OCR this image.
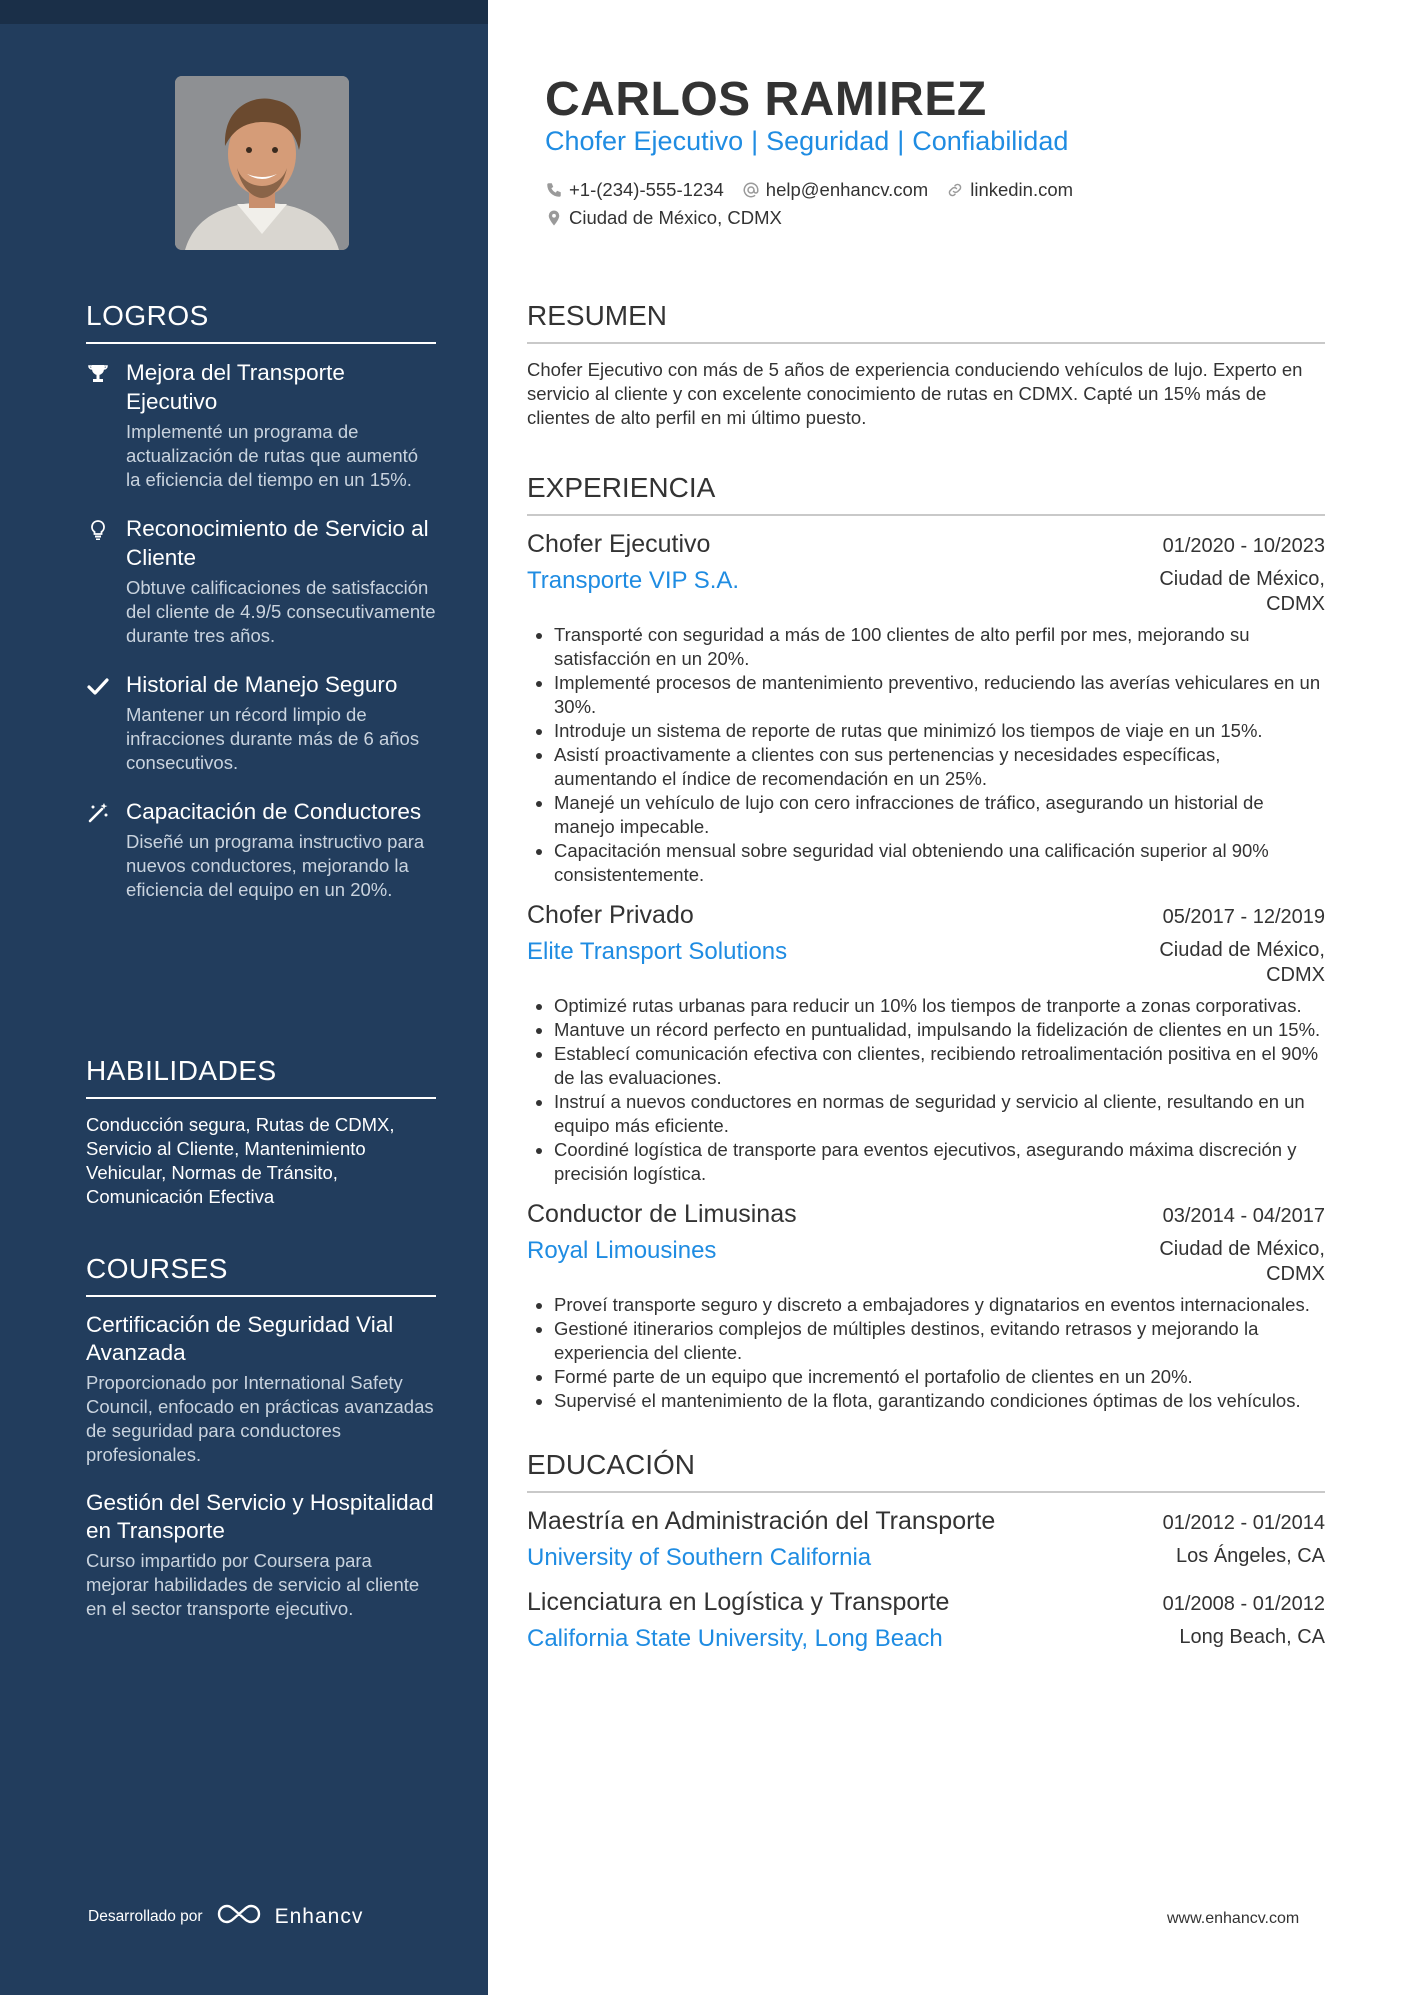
LOGROS
Mejora del Transporte Ejecutivo
Implementé un programa de actualización de rutas que aumentó la eficiencia del tiempo en un 15%.
Reconocimiento de Servicio al Cliente
Obtuve calificaciones de satisfacción del cliente de 4.9/5 consecutivamente durante tres años.
Historial de Manejo Seguro
Mantener un récord limpio de infracciones durante más de 6 años consecutivos.
Capacitación de Conductores
Diseñé un programa instructivo para nuevos conductores, mejorando la eficiencia del equipo en un 20%.
HABILIDADES
Conducción segura, Rutas de CDMX, Servicio al Cliente, Mantenimiento Vehicular, Normas de Tránsito, Comunicación Efectiva
COURSES
Certificación de Seguridad Vial Avanzada
Proporcionado por International Safety Council, enfocado en prácticas avanzadas de seguridad para conductores profesionales.
Gestión del Servicio y Hospitalidad en Transporte
Curso impartido por Coursera para mejorar habilidades de servicio al cliente en el sector transporte ejecutivo.
Desarrollado por	Enhancv
CARLOS RAMIREZ
Chofer Ejecutivo | Seguridad | Confiabilidad
+1-(234)-555-1234 help@enhancv.com linkedin.com
Ciudad de México, CDMX
RESUMEN
Chofer Ejecutivo con más de 5 años de experiencia conduciendo vehículos de lujo. Experto en servicio al cliente y con excelente conocimiento de rutas en CDMX. Capté un 15% más de clientes de alto perfil en mi último puesto.
EXPERIENCIA
Chofer Ejecutivo	01/2020 - 10/2023
Transporte VIP S.A.	Ciudad de México, CDMX
• Transporté con seguridad a más de 100 clientes de alto perfil por mes, mejorando su satisfacción en un 20%.
• Implementé procesos de mantenimiento preventivo, reduciendo las averías vehiculares en un 30%.
• Introduje un sistema de reporte de rutas que minimizó los tiempos de viaje en un 15%.
• Asistí proactivamente a clientes con sus pertenencias y necesidades específicas, aumentando el índice de recomendación en un 25%.
• Manejé un vehículo de lujo con cero infracciones de tráfico, asegurando un historial de manejo impecable.
• Capacitación mensual sobre seguridad vial obteniendo una calificación superior al 90% consistentemente.
Chofer Privado	05/2017 - 12/2019
Elite Transport Solutions	Ciudad de México, CDMX
• Optimizé rutas urbanas para reducir un 10% los tiempos de tranporte a zonas corporativas.
• Mantuve un récord perfecto en puntualidad, impulsando la fidelización de clientes en un 15%.
• Establecí comunicación efectiva con clientes, recibiendo retroalimentación positiva en el 90% de las evaluaciones.
• Instruí a nuevos conductores en normas de seguridad y servicio al cliente, resultando en un equipo más eficiente.
• Coordiné logística de transporte para eventos ejecutivos, asegurando máxima discreción y precisión logística.
Conductor de Limusinas	03/2014 - 04/2017
Royal Limousines	Ciudad de México, CDMX
• Proveí transporte seguro y discreto a embajadores y dignatarios en eventos internacionales.
• Gestioné itinerarios complejos de múltiples destinos, evitando retrasos y mejorando la experiencia del cliente.
• Formé parte de un equipo que incrementó el portafolio de clientes en un 20%.
• Supervisé el mantenimiento de la flota, garantizando condiciones óptimas de los vehículos.
EDUCACIÓN
Maestría en Administración del Transporte	01/2012 - 01/2014
University of Southern California	Los Ángeles, CA
Licenciatura en Logística y Transporte	01/2008 - 01/2012
California State University, Long Beach	Long Beach, CA
www.enhancv.com
